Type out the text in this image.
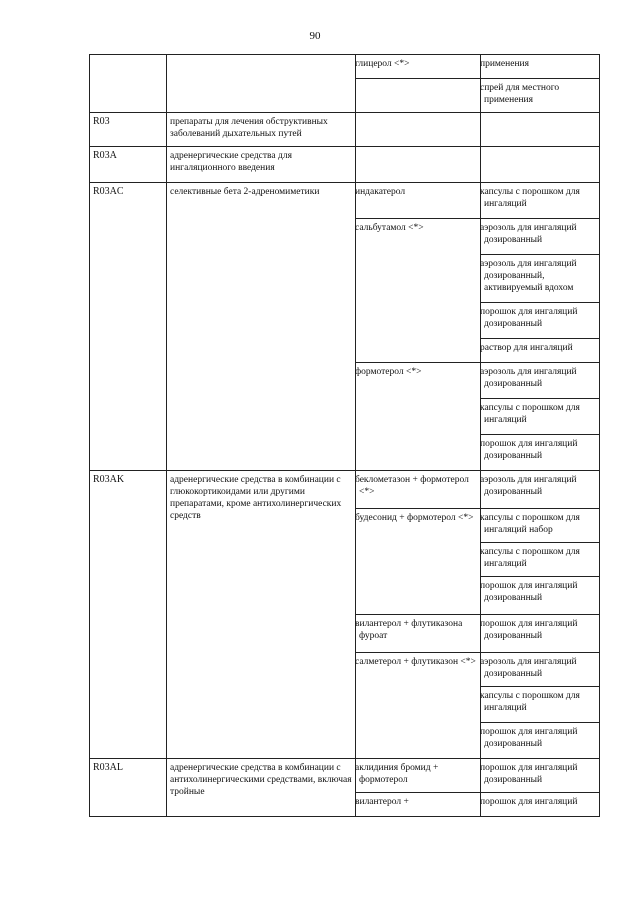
90
		глицерол <*>	применения
			спрей для местного применения
R03	препараты для лечения обструктивных заболеваний дыхательных путей		
R03A	адренергические средства для ингаляционного введения		
R03AC	селективные бета 2-адреномиметики	индакатерол	капсулы с порошком для ингаляций
		сальбутамол <*>	аэрозоль для ингаляций дозированный
			аэрозоль для ингаляций дозированный, активируемый вдохом
			порошок для ингаляций дозированный
			раствор для ингаляций
		формотерол <*>	аэрозоль для ингаляций дозированный
			капсулы с порошком для ингаляций
			порошок для ингаляций дозированный
R03AK	адренергические средства в комбинации с глюкокортикоидами или другими препаратами, кроме антихолинергических средств	беклометазон + формотерол <*>	аэрозоль для ингаляций дозированный
		будесонид + формотерол <*>	капсулы с порошком для ингаляций набор
			капсулы с порошком для ингаляций
			порошок для ингаляций дозированный
		вилантерол + флутиказона фуроат	порошок для ингаляций дозированный
		салметерол + флутиказон <*>	аэрозоль для ингаляций дозированный
			капсулы с порошком для ингаляций
			порошок для ингаляций дозированный
R03AL	адренергические средства в комбинации с антихолинергическими средствами, включая тройные	аклидиния бромид + формотерол	порошок для ингаляций дозированный
		вилантерол +	порошок для ингаляций
